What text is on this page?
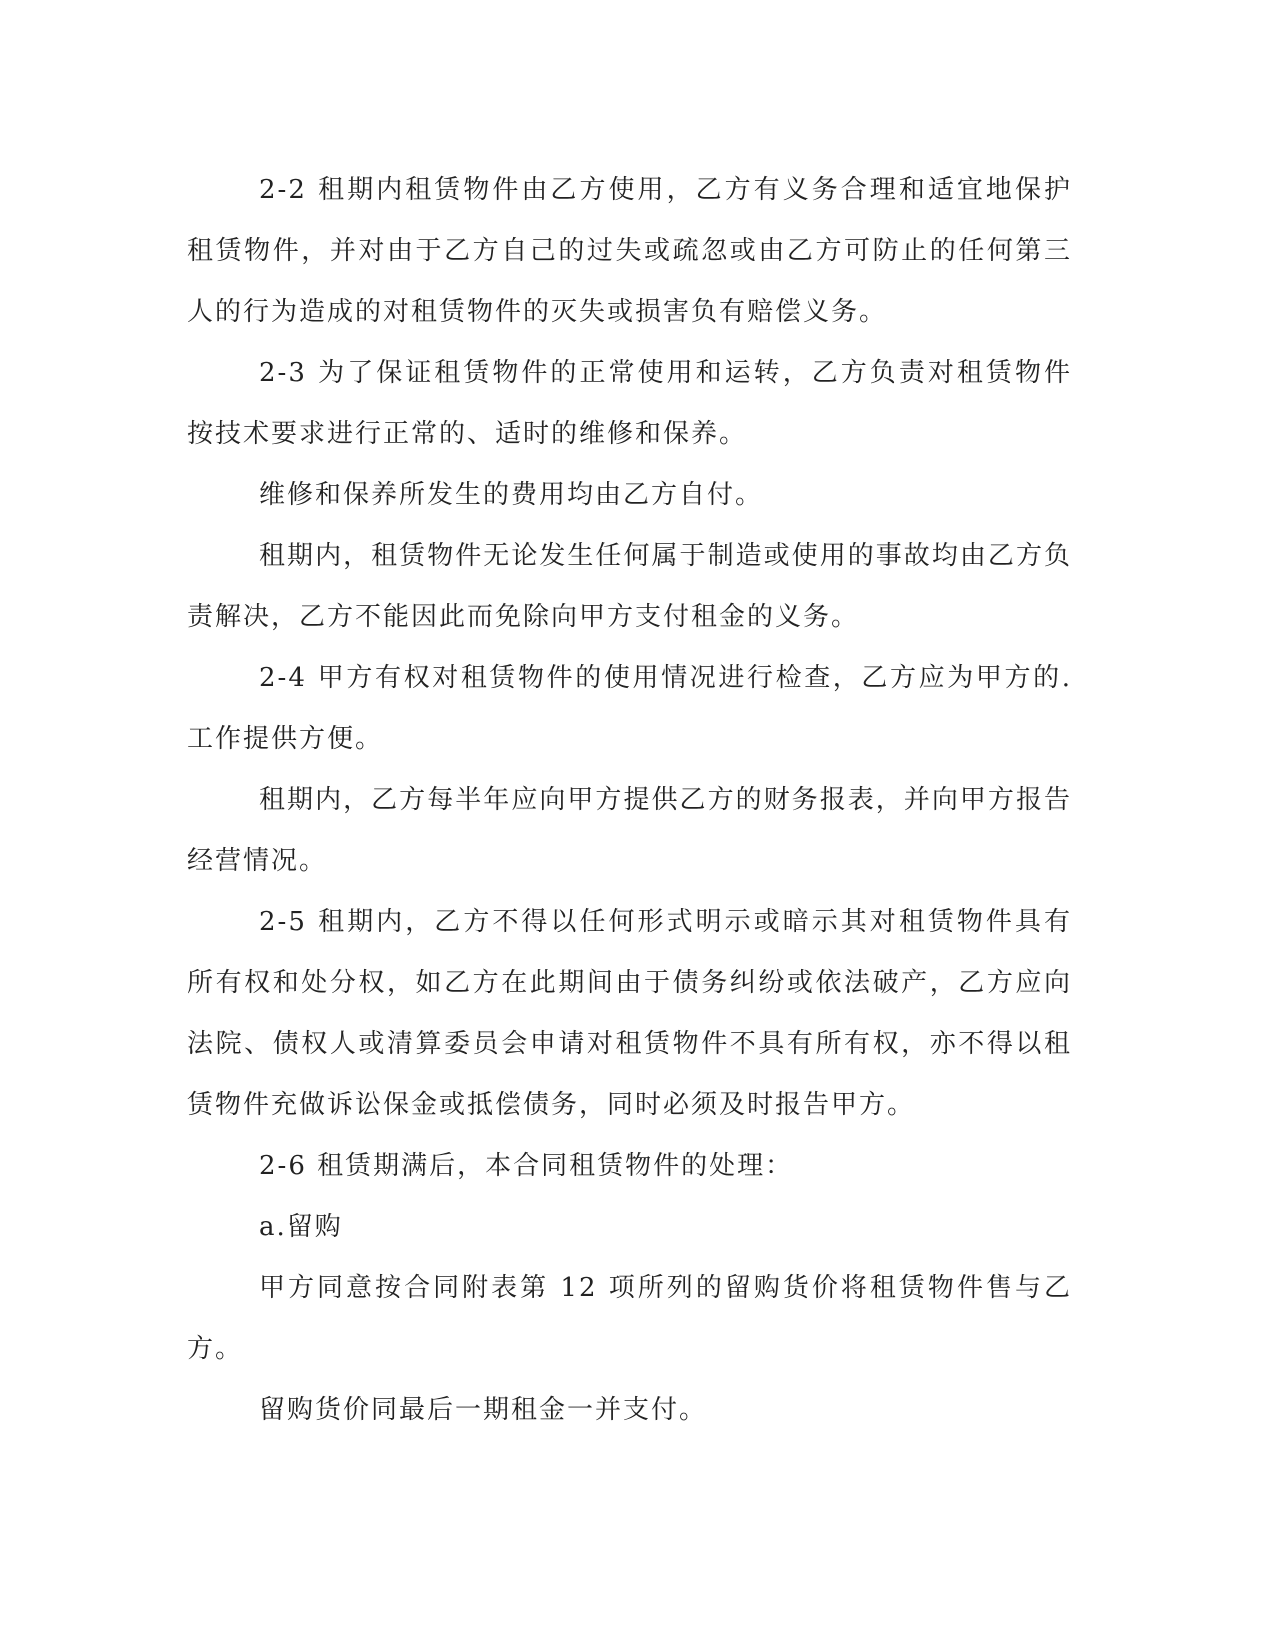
2-2 租期内租赁物件由乙方使用，乙方有义务合理和适宜地保护租赁物件，并对由于乙方自己的过失或疏忽或由乙方可防止的任何第三人的行为造成的对租赁物件的灭失或损害负有赔偿义务。

2-3 为了保证租赁物件的正常使用和运转，乙方负责对租赁物件按技术要求进行正常的、适时的维修和保养。

维修和保养所发生的费用均由乙方自付。

租期内，租赁物件无论发生任何属于制造或使用的事故均由乙方负责解决，乙方不能因此而免除向甲方支付租金的义务。

2-4 甲方有权对租赁物件的使用情况进行检查，乙方应为甲方的.工作提供方便。

租期内，乙方每半年应向甲方提供乙方的财务报表，并向甲方报告经营情况。

2-5 租期内，乙方不得以任何形式明示或暗示其对租赁物件具有所有权和处分权，如乙方在此期间由于债务纠纷或依法破产，乙方应向法院、债权人或清算委员会申请对租赁物件不具有所有权，亦不得以租赁物件充做诉讼保金或抵偿债务，同时必须及时报告甲方。

2-6 租赁期满后，本合同租赁物件的处理：

a.留购

甲方同意按合同附表第 12 项所列的留购货价将租赁物件售与乙方。

留购货价同最后一期租金一并支付。
